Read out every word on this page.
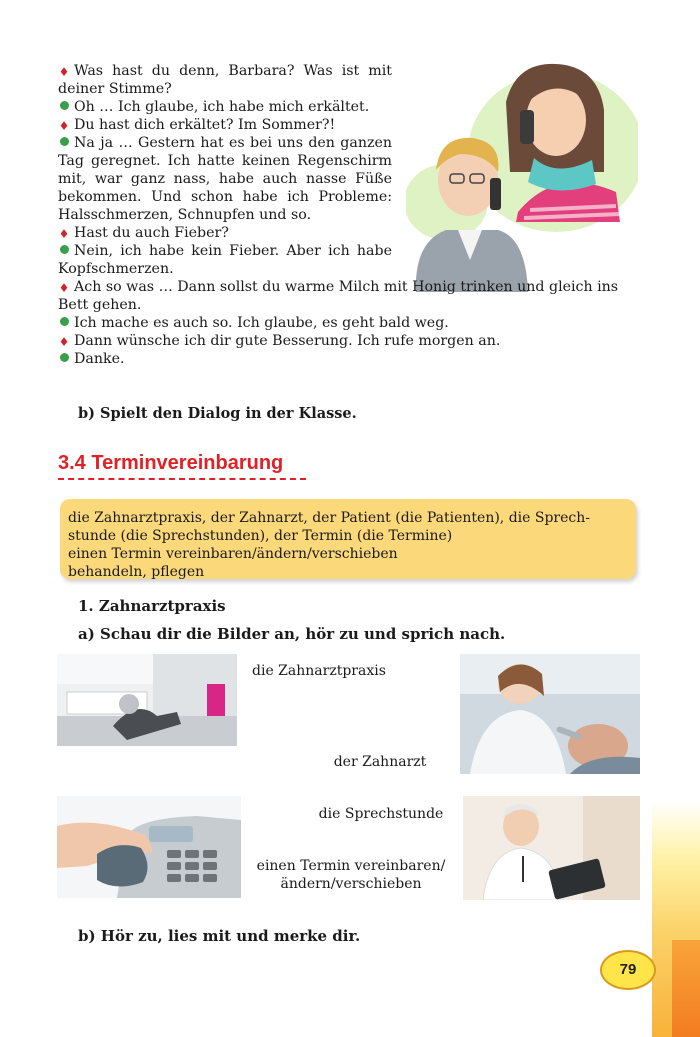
♦ Was hast du denn, Barbara? Was ist mit deiner Stimme?
Oh … Ich glaube, ich habe mich erkältet.
♦ Du hast dich erkältet? Im Sommer?!
Na ja … Gestern hat es bei uns den ganzen Tag geregnet. Ich hatte keinen Regenschirm mit, war ganz nass, habe auch nasse Füße bekommen. Und schon habe ich Probleme: Halsschmerzen, Schnupfen und so.
♦ Hast du auch Fieber?
Nein, ich habe kein Fieber. Aber ich habe Kopfschmerzen.
♦ Ach so was … Dann sollst du warme Milch mit Honig trinken und gleich ins Bett gehen.
Ich mache es auch so. Ich glaube, es geht bald weg.
♦ Dann wünsche ich dir gute Besserung. Ich rufe morgen an.
Danke.
b) Spielt den Dialog in der Klasse.
3.4 Terminvereinbarung
die Zahnarztpraxis, der Zahnarzt, der Patient (die Patienten), die Sprechstunde (die Sprechstunden), der Termin (die Termine)
einen Termin vereinbaren/ändern/verschieben
behandeln, pflegen
1. Zahnarztpraxis
a) Schau dir die Bilder an, hör zu und sprich nach.
die Zahnarztpraxis
der Zahnarzt
die Sprechstunde
einen Termin vereinbaren/
ändern/verschieben
b) Hör zu, lies mit und merke dir.
79
